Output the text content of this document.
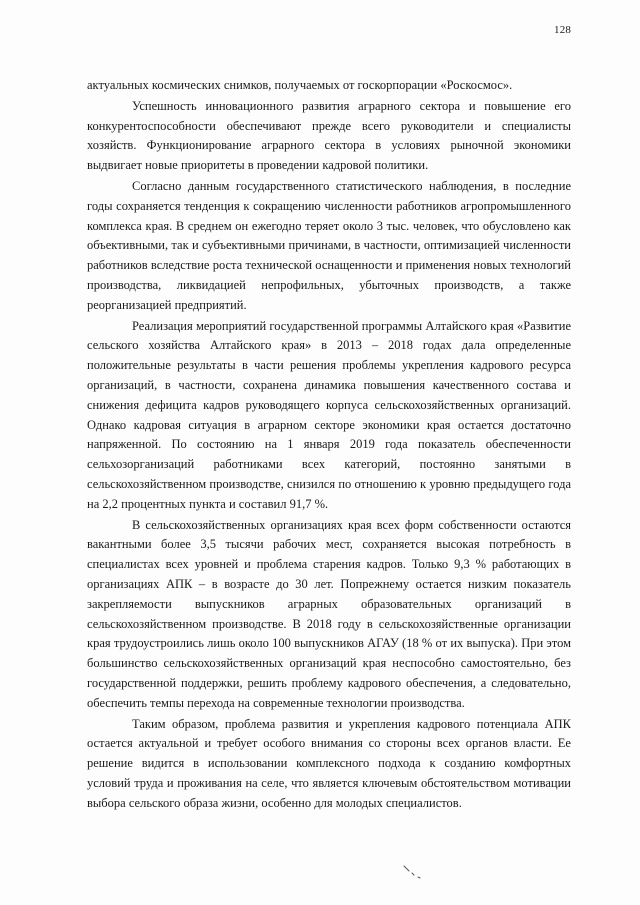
128

актуальных космических снимков, получаемых от госкорпорации «Роскосмос».

Успешность инновационного развития аграрного сектора и повышение его конкурентоспособности обеспечивают прежде всего руководители и специалисты хозяйств. Функционирование аграрного сектора в условиях рыночной экономики выдвигает новые приоритеты в проведении кадровой политики.

Согласно данным государственного статистического наблюдения, в последние годы сохраняется тенденция к сокращению численности работников агропромышленного комплекса края. В среднем он ежегодно теряет около 3 тыс. человек, что обусловлено как объективными, так и субъективными причинами, в частности, оптимизацией численности работников вследствие роста технической оснащенности и применения новых технологий производства, ликвидацией непрофильных, убыточных производств, а также реорганизацией предприятий.

Реализация мероприятий государственной программы Алтайского края «Развитие сельского хозяйства Алтайского края» в 2013 – 2018 годах дала определенные положительные результаты в части решения проблемы укрепления кадрового ресурса организаций, в частности, сохранена динамика повышения качественного состава и снижения дефицита кадров руководящего корпуса сельскохозяйственных организаций. Однако кадровая ситуация в аграрном секторе экономики края остается достаточно напряженной. По состоянию на 1 января 2019 года показатель обеспеченности сельхозорганизаций работниками всех категорий, постоянно занятыми в сельскохозяйственном производстве, снизился по отношению к уровню предыдущего года на 2,2 процентных пункта и составил 91,7 %.

В сельскохозяйственных организациях края всех форм собственности остаются вакантными более 3,5 тысячи рабочих мест, сохраняется высокая потребность в специалистах всех уровней и проблема старения кадров. Только 9,3 % работающих в организациях АПК – в возрасте до 30 лет. Попрежнему остается низким показатель закрепляемости выпускников аграрных образовательных организаций в сельскохозяйственном производстве. В 2018 году в сельскохозяйственные организации края трудоустроились лишь около 100 выпускников АГАУ (18 % от их выпуска). При этом большинство сельскохозяйственных организаций края неспособно самостоятельно, без государственной поддержки, решить проблему кадрового обеспечения, а следовательно, обеспечить темпы перехода на современные технологии производства.

Таким образом, проблема развития и укрепления кадрового потенциала АПК остается актуальной и требует особого внимания со стороны всех органов власти. Ее решение видится в использовании комплексного подхода к созданию комфортных условий труда и проживания на селе, что является ключевым обстоятельством мотивации выбора сельского образа жизни, особенно для молодых специалистов.
